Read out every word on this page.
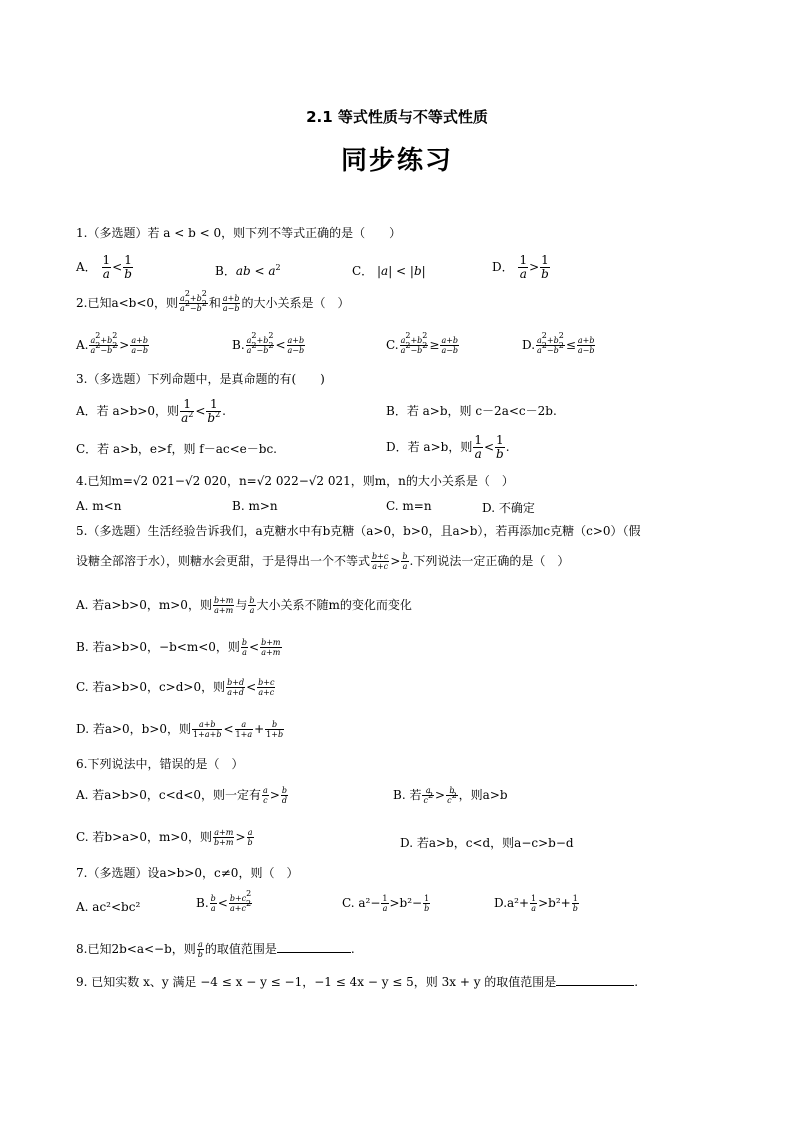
2.1 等式性质与不等式性质
同步练习
1.（多选题）若 a < b < 0，则下列不等式正确的是（　　）
A． $\frac{1}{a} < \frac{1}{b}$	B．ab < $a^2$	C． |a| < |b|	D． $\frac{1}{a} > \frac{1}{b}$
2.已知a<b<0，则 $\frac{a^2+b^2}{a^2-b^2}$ 和 $\frac{a+b}{a-b}$ 的大小关系是（　）
A. $\frac{a^2+b^2}{a^2-b^2} > \frac{a+b}{a-b}$	B. $\frac{a^2+b^2}{a^2-b^2} < \frac{a+b}{a-b}$	C. $\frac{a^2+b^2}{a^2-b^2} \ge \frac{a+b}{a-b}$	D. $\frac{a^2+b^2}{a^2-b^2} \le \frac{a+b}{a-b}$
3.（多选题）下列命题中，是真命题的有(　　)
A．若 a>b>0，则 $\frac{1}{a^2} < \frac{1}{b^2}$ .	B．若 a>b，则 c－2a<c－2b.
C．若 a>b，e>f，则 f－ac<e－bc.	D．若 a>b，则 $\frac{1}{a} < \frac{1}{b}$ .
4.已知m=√2 021−√2 020，n=√2 022−√2 021，则m，n的大小关系是（　）
A. m<n	B. m>n	C. m=n	D. 不确定
5.（多选题）生活经验告诉我们，a克糖水中有b克糖（a>0，b>0，且a>b），若再添加c克糖（c>0）（假
设糖全部溶于水），则糖水会更甜，于是得出一个不等式 $\frac{b+c}{a+c} > \frac{b}{a}$ .下列说法一定正确的是（　）
A. 若a>b>0，m>0，则 $\frac{b+m}{a+m}$ 与 $\frac{b}{a}$ 大小关系不随m的变化而变化
B. 若a>b>0，−b<m<0，则 $\frac{b}{a} < \frac{b+m}{a+m}$
C. 若a>b>0，c>d>0，则 $\frac{b+d}{a+d} < \frac{b+c}{a+c}$
D. 若a>0，b>0，则 $\frac{a+b}{1+a+b} < \frac{a}{1+a} + \frac{b}{1+b}$
6.下列说法中，错误的是（　）
A. 若a>b>0，c<d<0，则一定有 $\frac{a}{c} > \frac{b}{d}$	B. 若 $\frac{a}{c^2} > \frac{b}{c^2}$ ，则a>b
C. 若b>a>0，m>0，则 $\frac{a+m}{b+m} > \frac{a}{b}$	D. 若a>b，c<d，则a−c>b−d
7.（多选题）设a>b>0，c≠0，则（　）
A. ac²<bc²	B. $\frac{b}{a} < \frac{b+c^2}{a+c^2}$	C. $a^2- \frac{1}{a} >b^2- \frac{1}{b}$	$D.a^2+ \frac{1}{a} >b^2+ \frac{1}{b}$
8.已知2b<a<−b，则 $\frac{a}{b}$ 的取值范围是	.
9. 已知实数 x、y 满足 −4 ≤ x − y ≤ −1，−1 ≤ 4x − y ≤ 5，则 3x + y 的取值范围是	.
